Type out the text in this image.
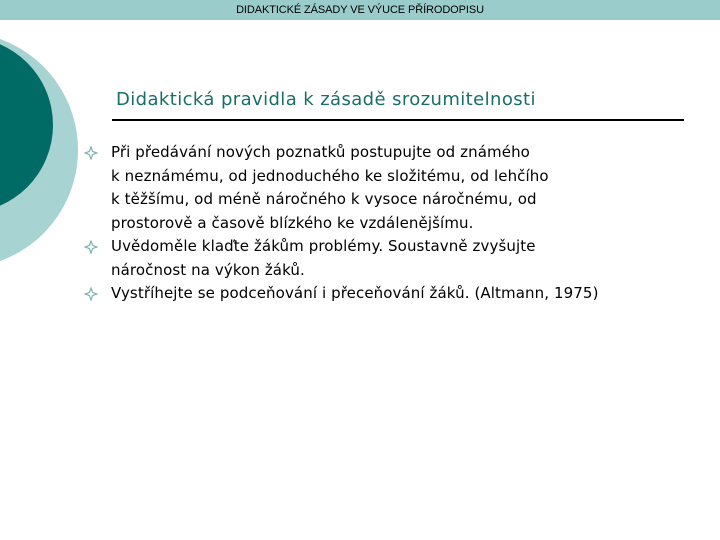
DIDAKTICKÉ ZÁSADY VE VÝUCE PŘÍRODOPISU
Didaktická pravidla k zásadě srozumitelnosti

Při předávání nových poznatků postupujte od známého
k neznámému, od jednoduchého ke složitému, od lehčího
k těžšímu, od méně náročného k vysoce náročnému, od
prostorově a časově blízkého ke vzdálenějšímu.

Uvědoměle klaďte žákům problémy. Soustavně zvyšujte
náročnost na výkon žáků.

Vystříhejte se podceňování i přeceňování žáků. (Altmann, 1975)
